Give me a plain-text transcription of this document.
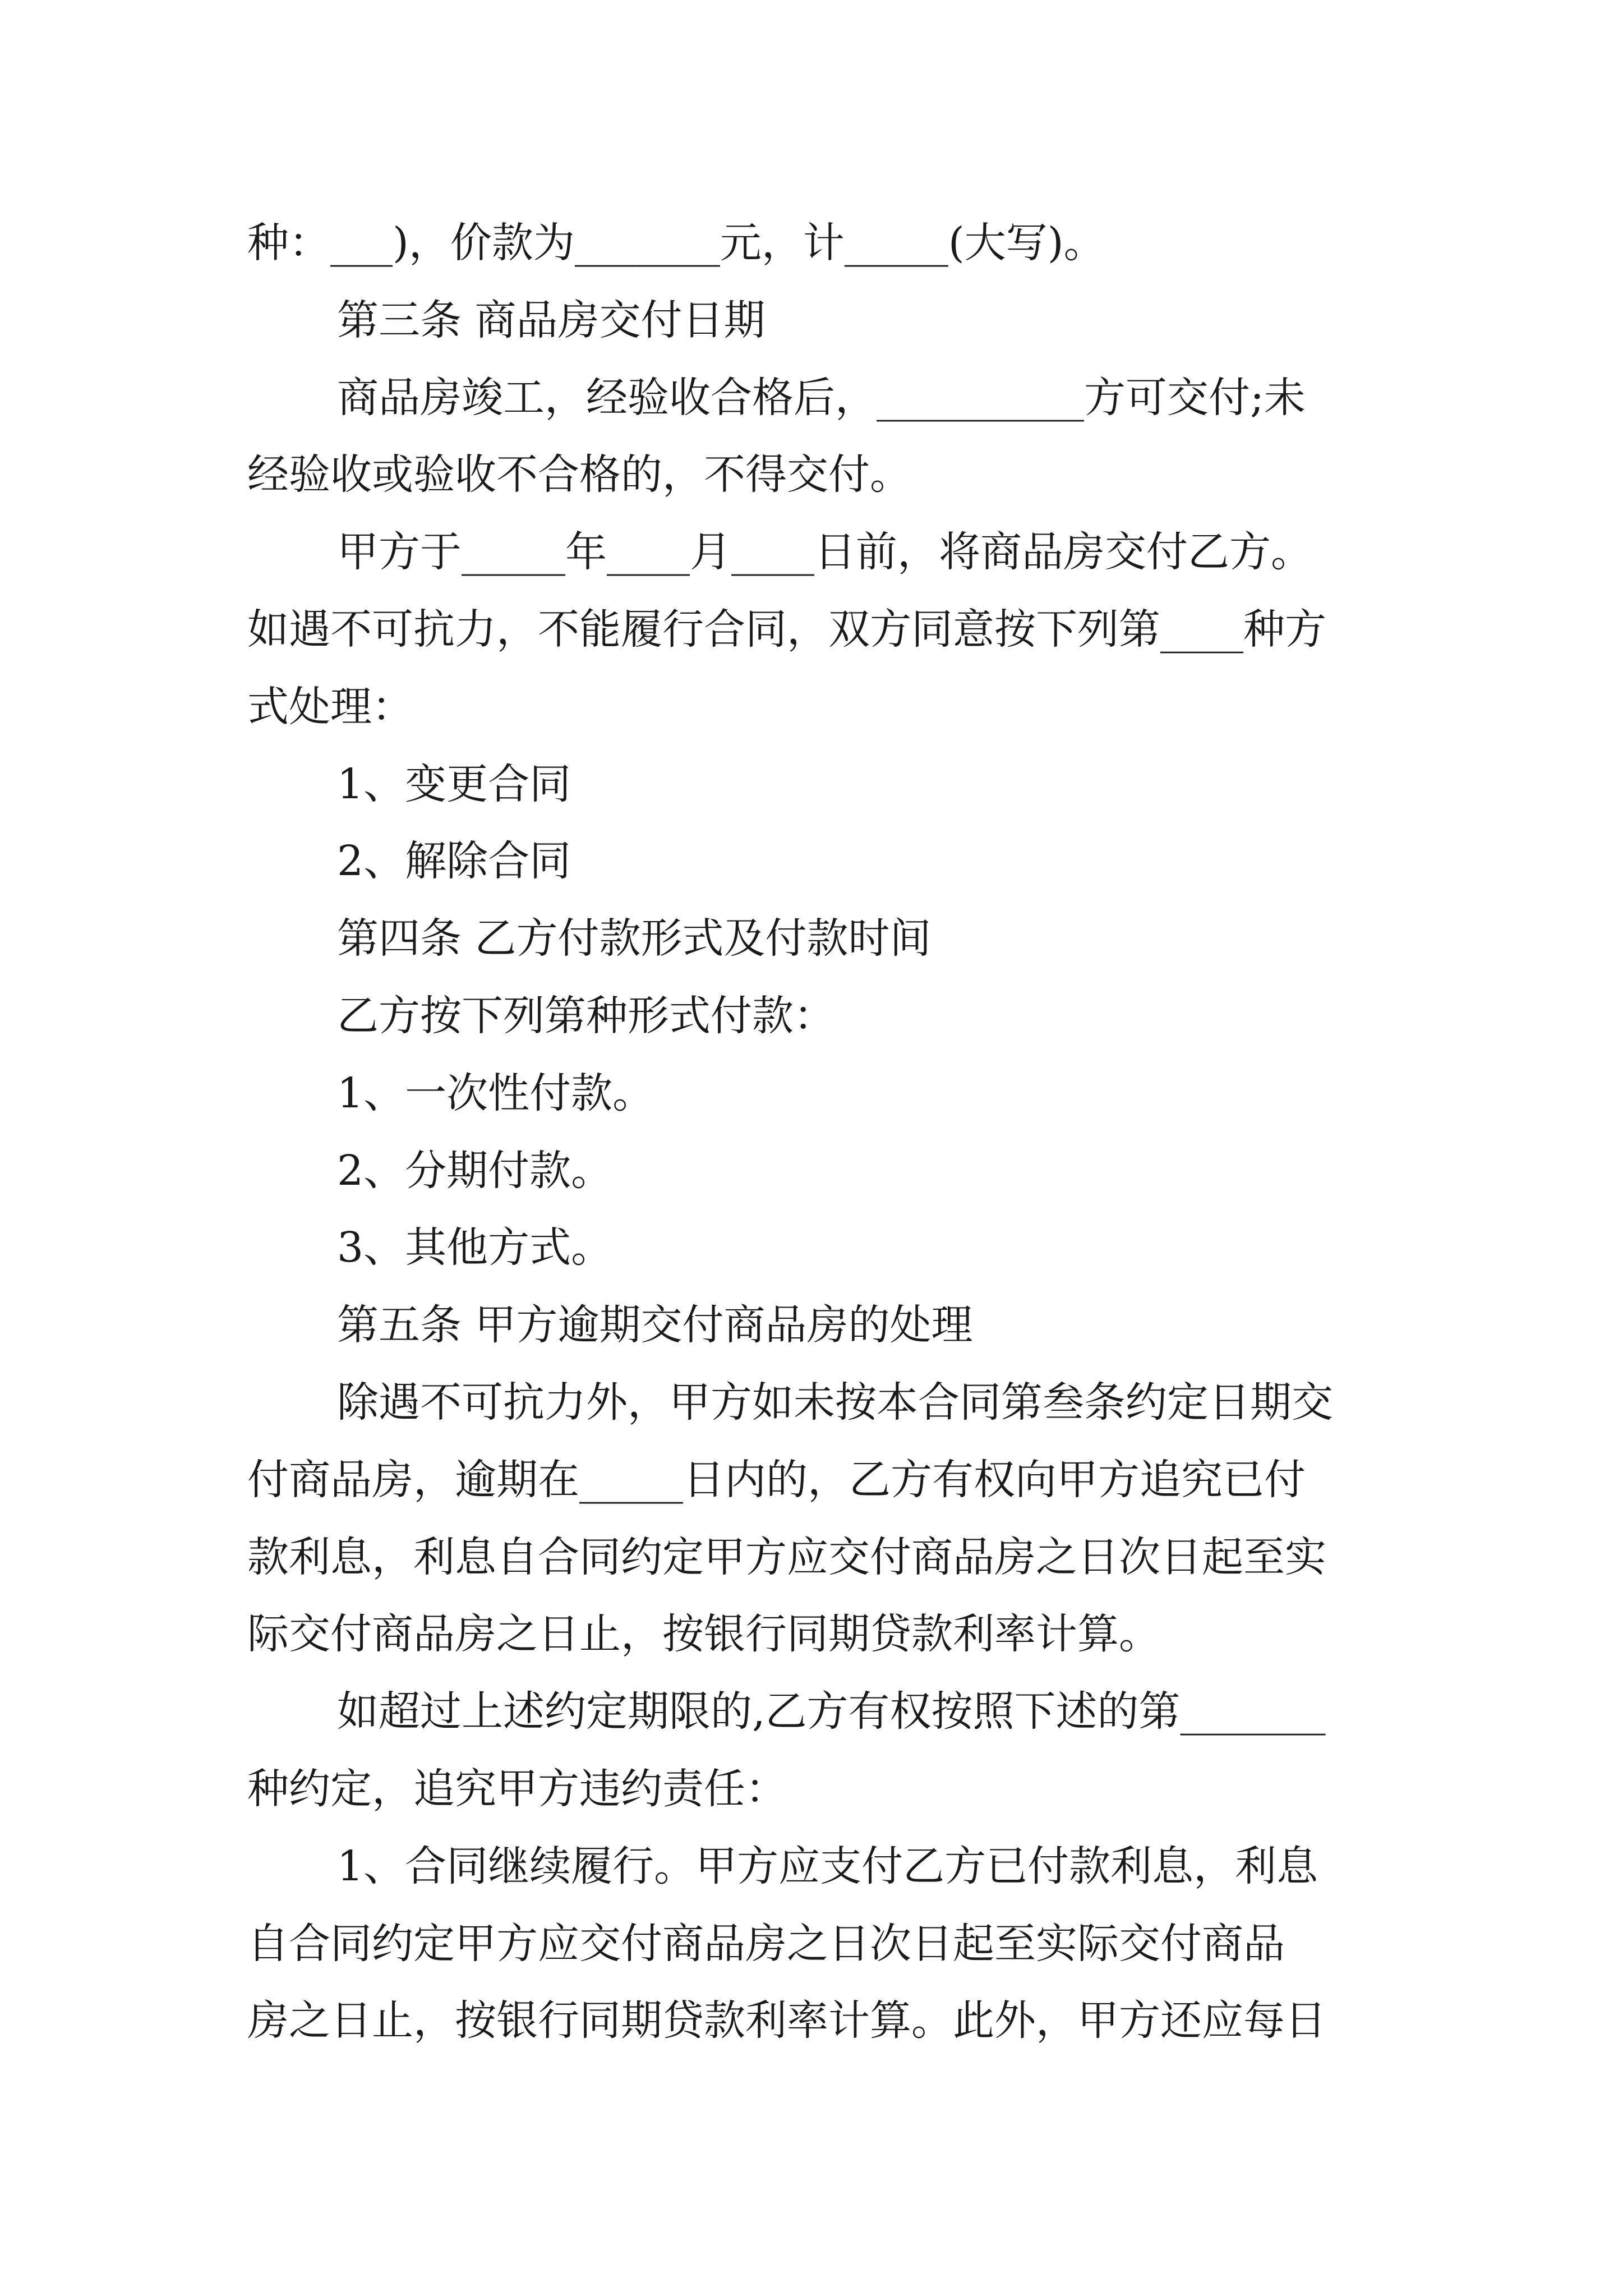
种：___)，价款为_______元，计_____(大写)。

第三条 商品房交付日期

商品房竣工，经验收合格后，__________方可交付;未

经验收或验收不合格的，不得交付。

甲方于_____年____月____日前，将商品房交付乙方。

如遇不可抗力，不能履行合同，双方同意按下列第____种方

式处理：

1、变更合同

2、解除合同

第四条 乙方付款形式及付款时间

乙方按下列第种形式付款：

1、一次性付款。

2、分期付款。

3、其他方式。

第五条 甲方逾期交付商品房的处理

除遇不可抗力外，甲方如未按本合同第叁条约定日期交

付商品房，逾期在_____日内的，乙方有权向甲方追究已付

款利息，利息自合同约定甲方应交付商品房之日次日起至实

际交付商品房之日止，按银行同期贷款利率计算。

如超过上述约定期限的,乙方有权按照下述的第_______

种约定，追究甲方违约责任：

1、合同继续履行。甲方应支付乙方已付款利息，利息

自合同约定甲方应交付商品房之日次日起至实际交付商品

房之日止，按银行同期贷款利率计算。此外，甲方还应每日
